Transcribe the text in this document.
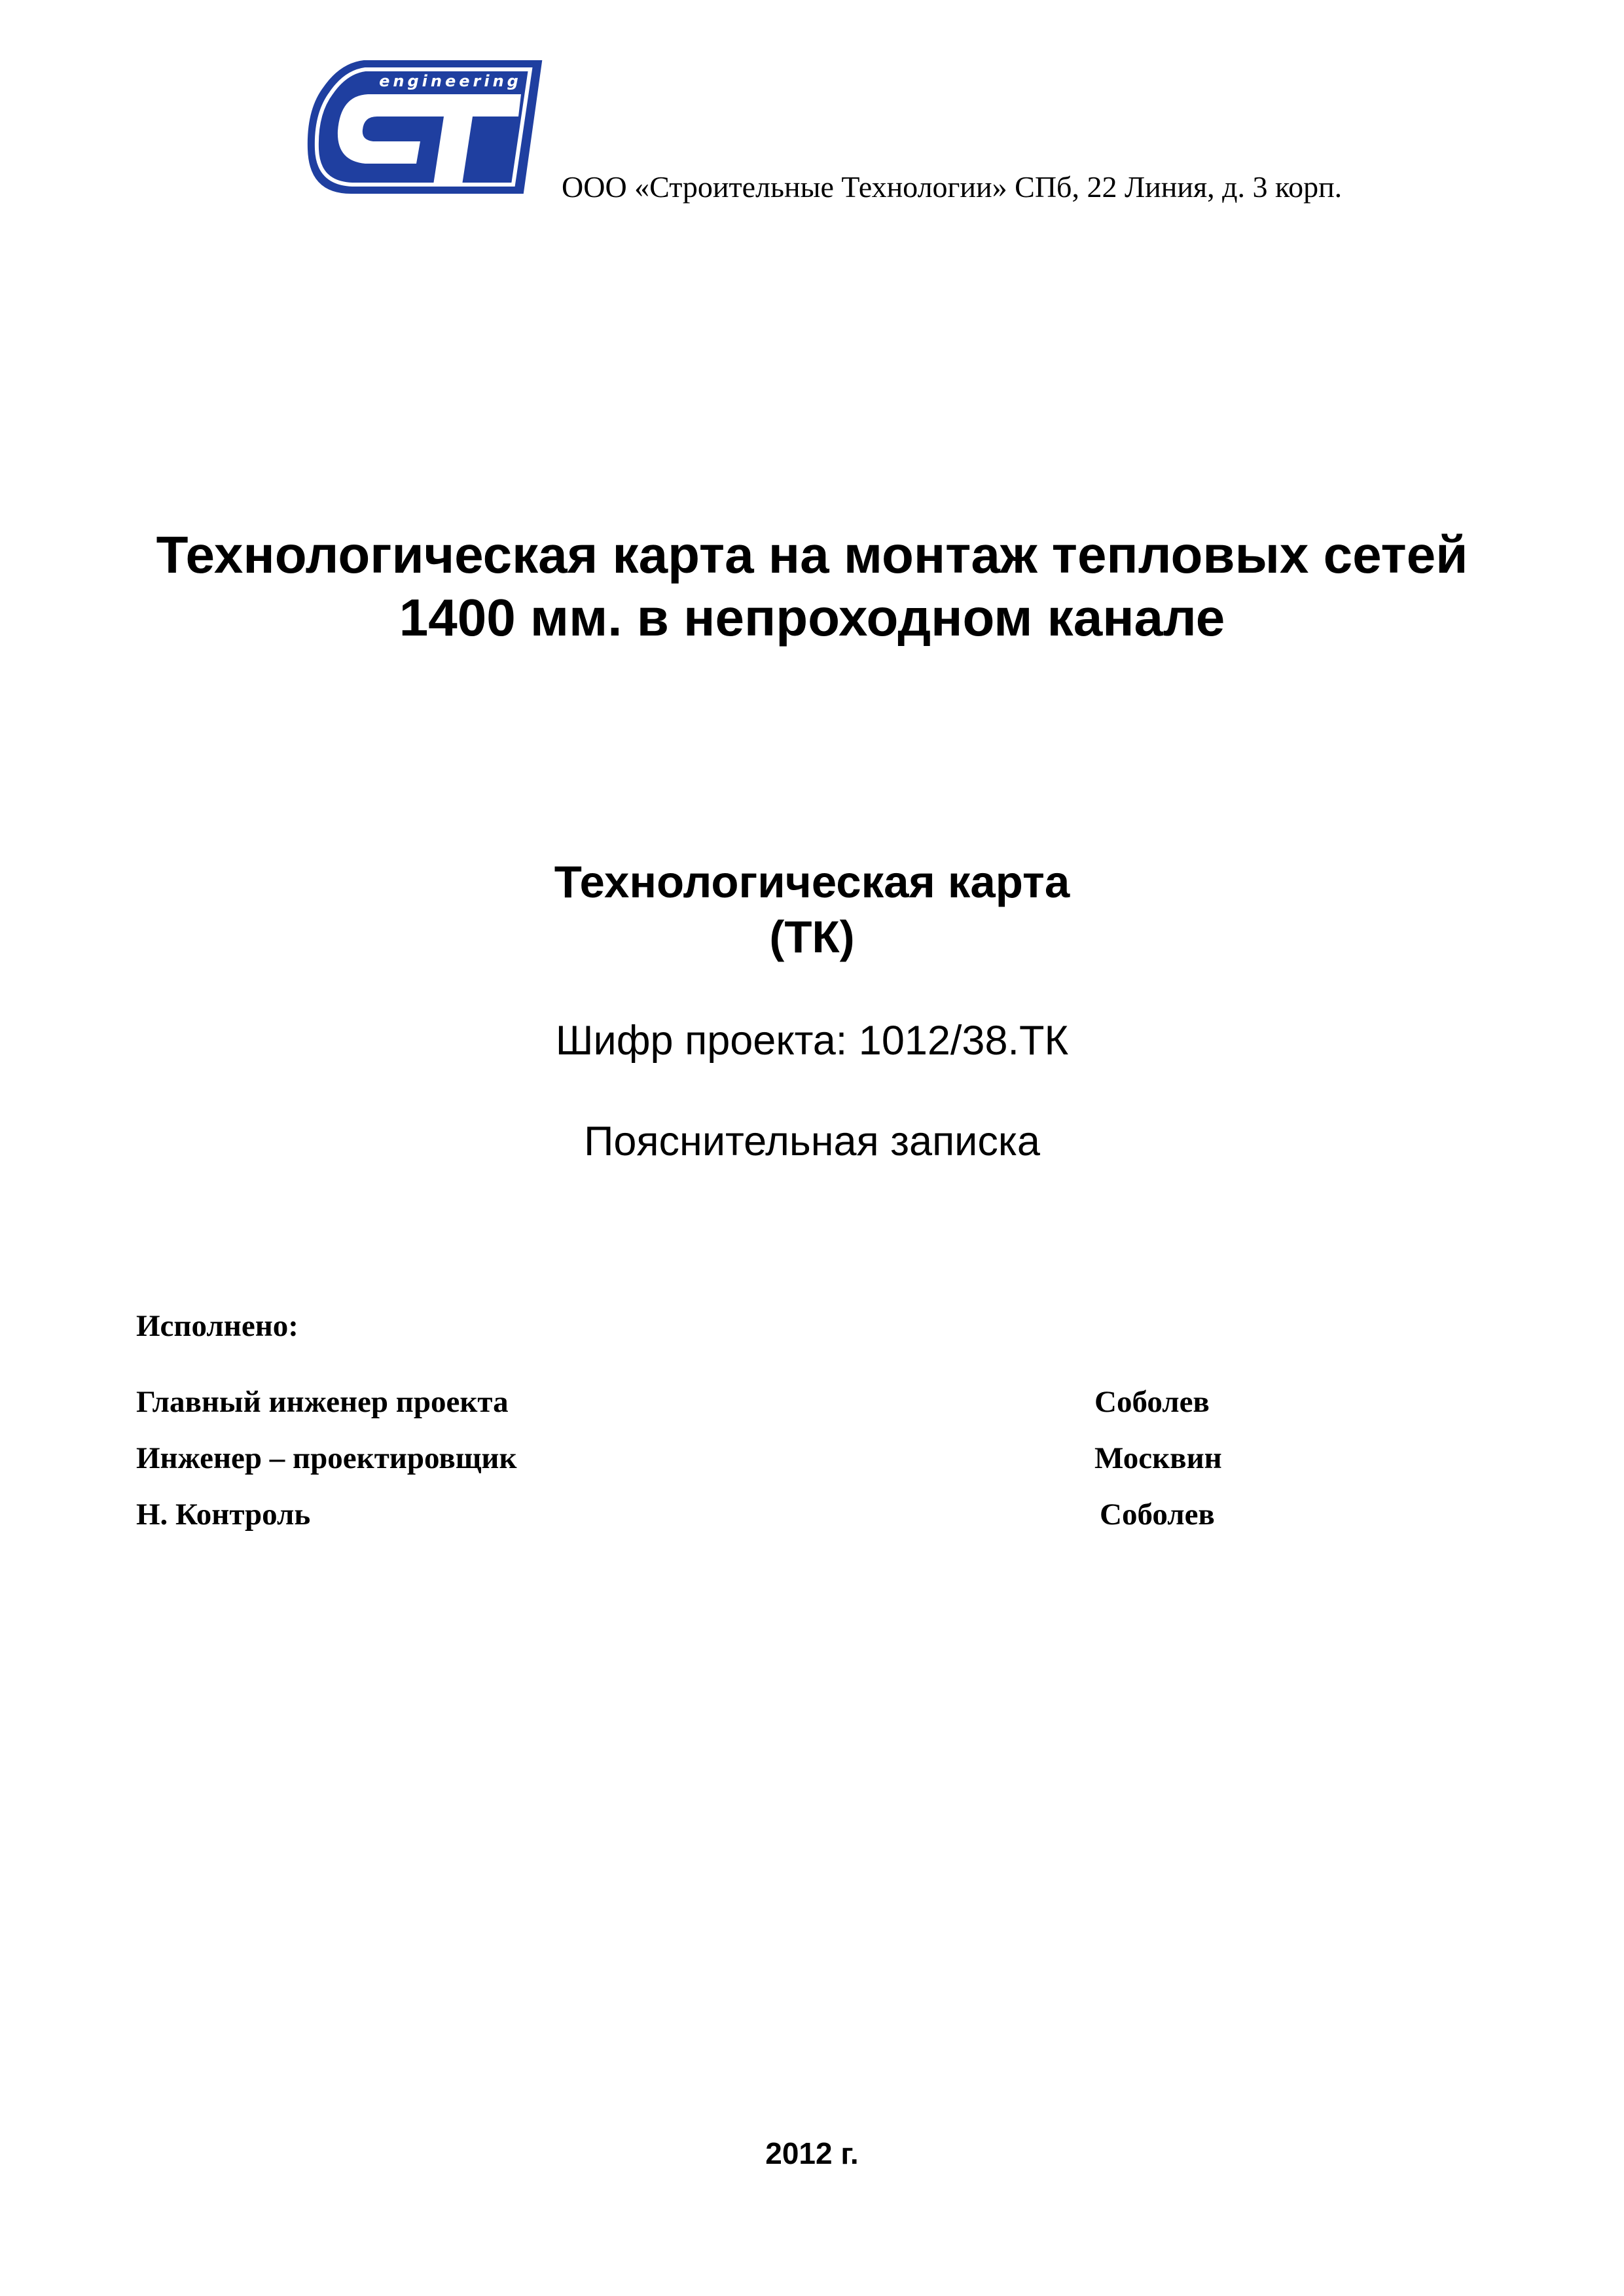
engineering
ООО «Строительные Технологии» СПб, 22 Линия, д. 3 корп.
Технологическая карта на монтаж тепловых сетей
1400 мм. в непроходном канале
Технологическая карта
(ТК)
Шифр проекта: 1012/38.ТК
Пояснительная записка
Исполнено:
Главный инженер проекта	Соболев
Инженер – проектировщик	Москвин
Н. Контроль	Соболев
2012 г.
